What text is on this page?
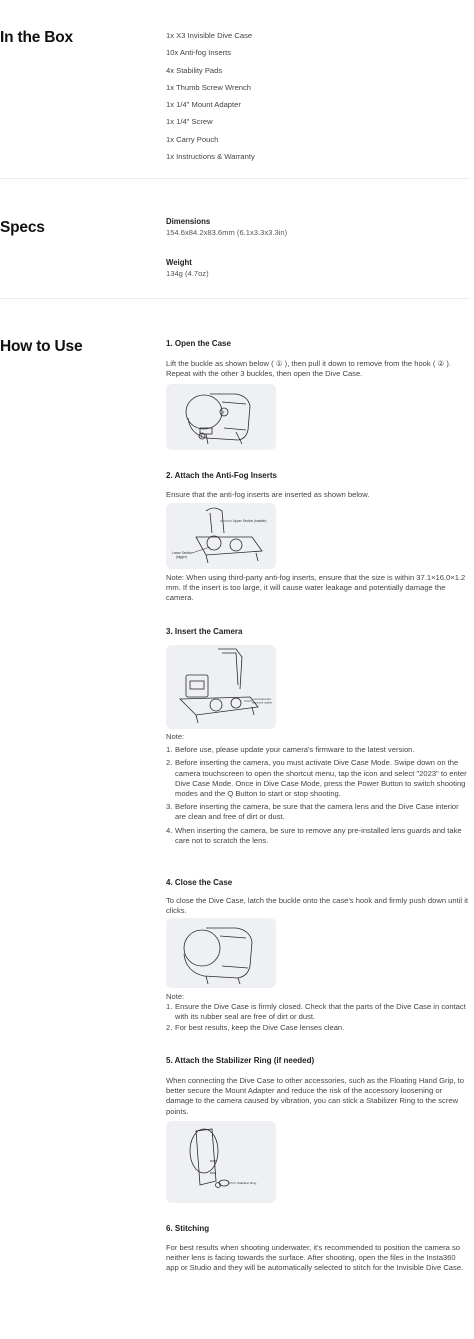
In the Box	1x X3 Invisible Dive Case
10x Anti-fog Inserts
4x Stability Pads
1x Thumb Screw Wrench
1x 1/4" Mount Adapter
1x 1/4" Screw
1x Carry Pouch
1x Instructions & Warranty
Specs	Dimensions
154.6x84.2x83.6mm (6.1x3.3x3.3in)
Weight
134g (4.7oz)
How to Use	1. Open the Case

Lift the buckle as shown below ( ① ), then pull it down to remove from the hook ( ② ). Repeat with the other 3 buckles, then open the Dive Case.

2
1
2. Attach the Anti-Fog Inserts

Ensure that the anti-fog inserts are inserted as shown below.

Upper Section (smaller)
Lower Section
(bigger)

Note: When using third-party anti-fog inserts, ensure that the size is within 37.1×16.0×1.2 mm. If the insert is too large, it will cause water leakage and potentially damage the camera.

3. Insert the Camera
Lens Guard and
alignment marker
Note:
1. Before use, please update your camera's firmware to the latest version.
2. Before inserting the camera, you must activate Dive Case Mode. Swipe down on the camera touchscreen to open the shortcut menu, tap the icon and select "2023" to enter Dive Case Mode. Once in Dive Case Mode, press the Power Button to switch shooting modes and the Q Button to start or stop shooting.
3. Before inserting the camera, be sure that the camera lens and the Dive Case interior are clean and free of dirt or dust.
4. When inserting the camera, be sure to remove any pre-installed lens guards and take care not to scratch the lens.
4. Close the Case

To close the Dive Case, latch the buckle onto the case's hook and firmly push down until it clicks.

Note:
1. Ensure the Dive Case is firmly closed. Check that the parts of the Dive Case in contact with its rubber seal are free of dirt or dust.
2. For best results, keep the Dive Case lenses clean.
5. Attach the Stabilizer Ring (if needed)

When connecting the Dive Case to other accessories, such as the Floating Hand Grip, to better secure the Mount Adapter and reduce the risk of the accessory loosening or damage to the camera caused by vibration, you can stick a Stabilizer Ring to the screw points.

Stabilizer Ring
6. Stitching

For best results when shooting underwater, it's recommended to position the camera so neither lens is facing towards the surface. After shooting, open the files in the Insta360 app or Studio and they will be automatically selected to stitch for the Invisible Dive Case.
